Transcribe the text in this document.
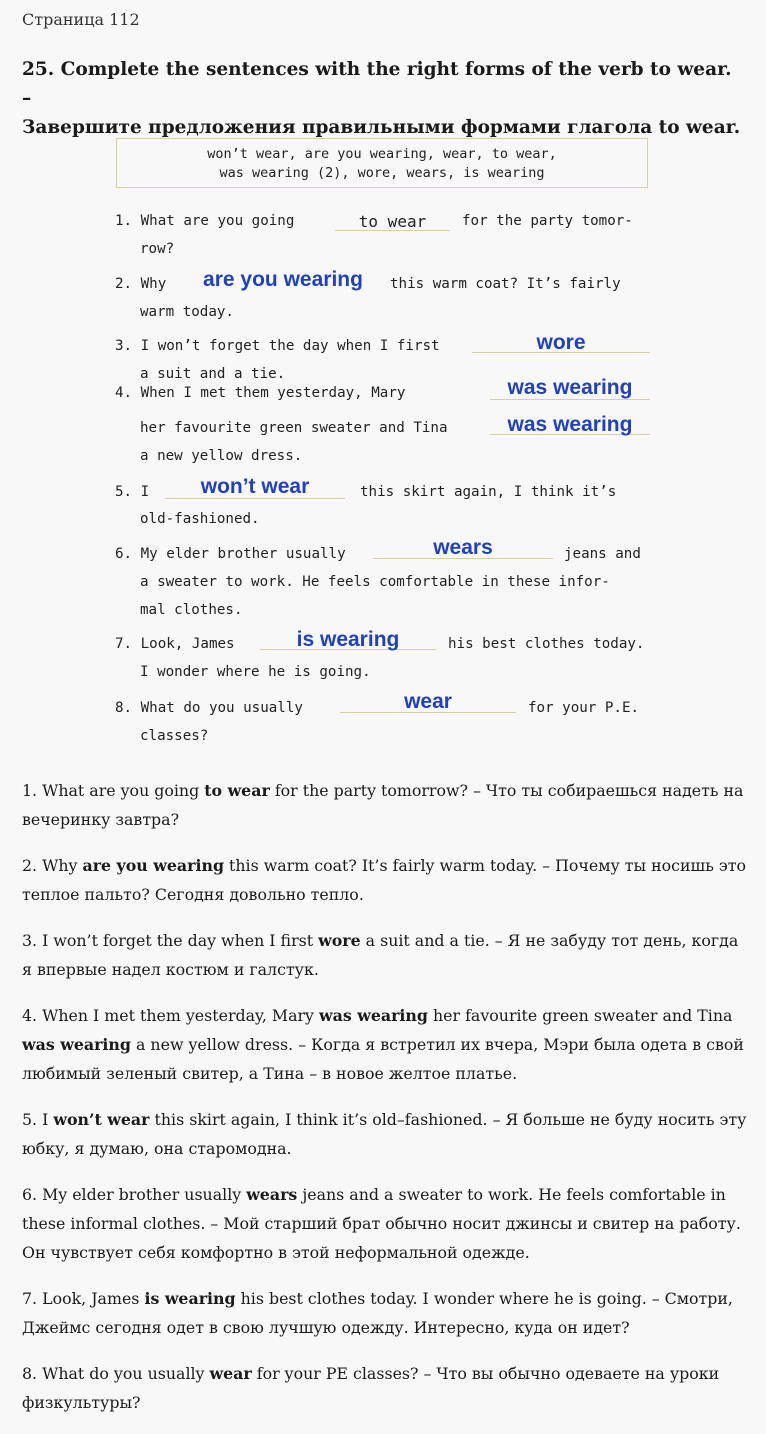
Страница 112
25. Complete the sentences with the right forms of the verb to wear. –
Завершите предложения правильными формами глагола to wear.
won’t wear, are you wearing, wear, to wear,
was wearing (2), wore, wears, is wearing
1. What are you going	to wear	for the party tomor-
row?
2. Why	are you wearing	this warm coat? It’s fairly
warm today.
3. I won’t forget the day when I first	wore
a suit and a tie.
4. When I met them yesterday, Mary	was wearing
her favourite green sweater and Tina	was wearing
a new yellow dress.
5. I	won’t wear	this skirt again, I think it’s
old-fashioned.
6. My elder brother usually	wears	jeans and
a sweater to work. He feels comfortable in these infor-
mal clothes.
7. Look, James	is wearing	his best clothes today.
I wonder where he is going.
8. What do you usually	wear	for your P.E.
classes?

1. What are you going to wear for the party tomorrow? – Что ты собираешься надеть на вечеринку завтра?

2. Why are you wearing this warm coat? It’s fairly warm today. – Почему ты носишь это теплое пальто? Сегодня довольно тепло.

3. I won’t forget the day when I first wore a suit and a tie. – Я не забуду тот день, когда я впервые надел костюм и галстук.

4. When I met them yesterday, Mary was wearing her favourite green sweater and Tina was wearing a new yellow dress. – Когда я встретил их вчера, Мэри была одета в свой любимый зеленый свитер, а Тина – в новое желтое платье.

5. I won’t wear this skirt again, I think it’s old–fashioned. – Я больше не буду носить эту юбку, я думаю, она старомодна.

6. My elder brother usually wears jeans and a sweater to work. He feels comfortable in these informal clothes. – Мой старший брат обычно носит джинсы и свитер на работу. Он чувствует себя комфортно в этой неформальной одежде.

7. Look, James is wearing his best clothes today. I wonder where he is going. – Смотри, Джеймс сегодня одет в свою лучшую одежду. Интересно, куда он идет?

8. What do you usually wear for your PE classes? – Что вы обычно одеваете на уроки физкультуры?
